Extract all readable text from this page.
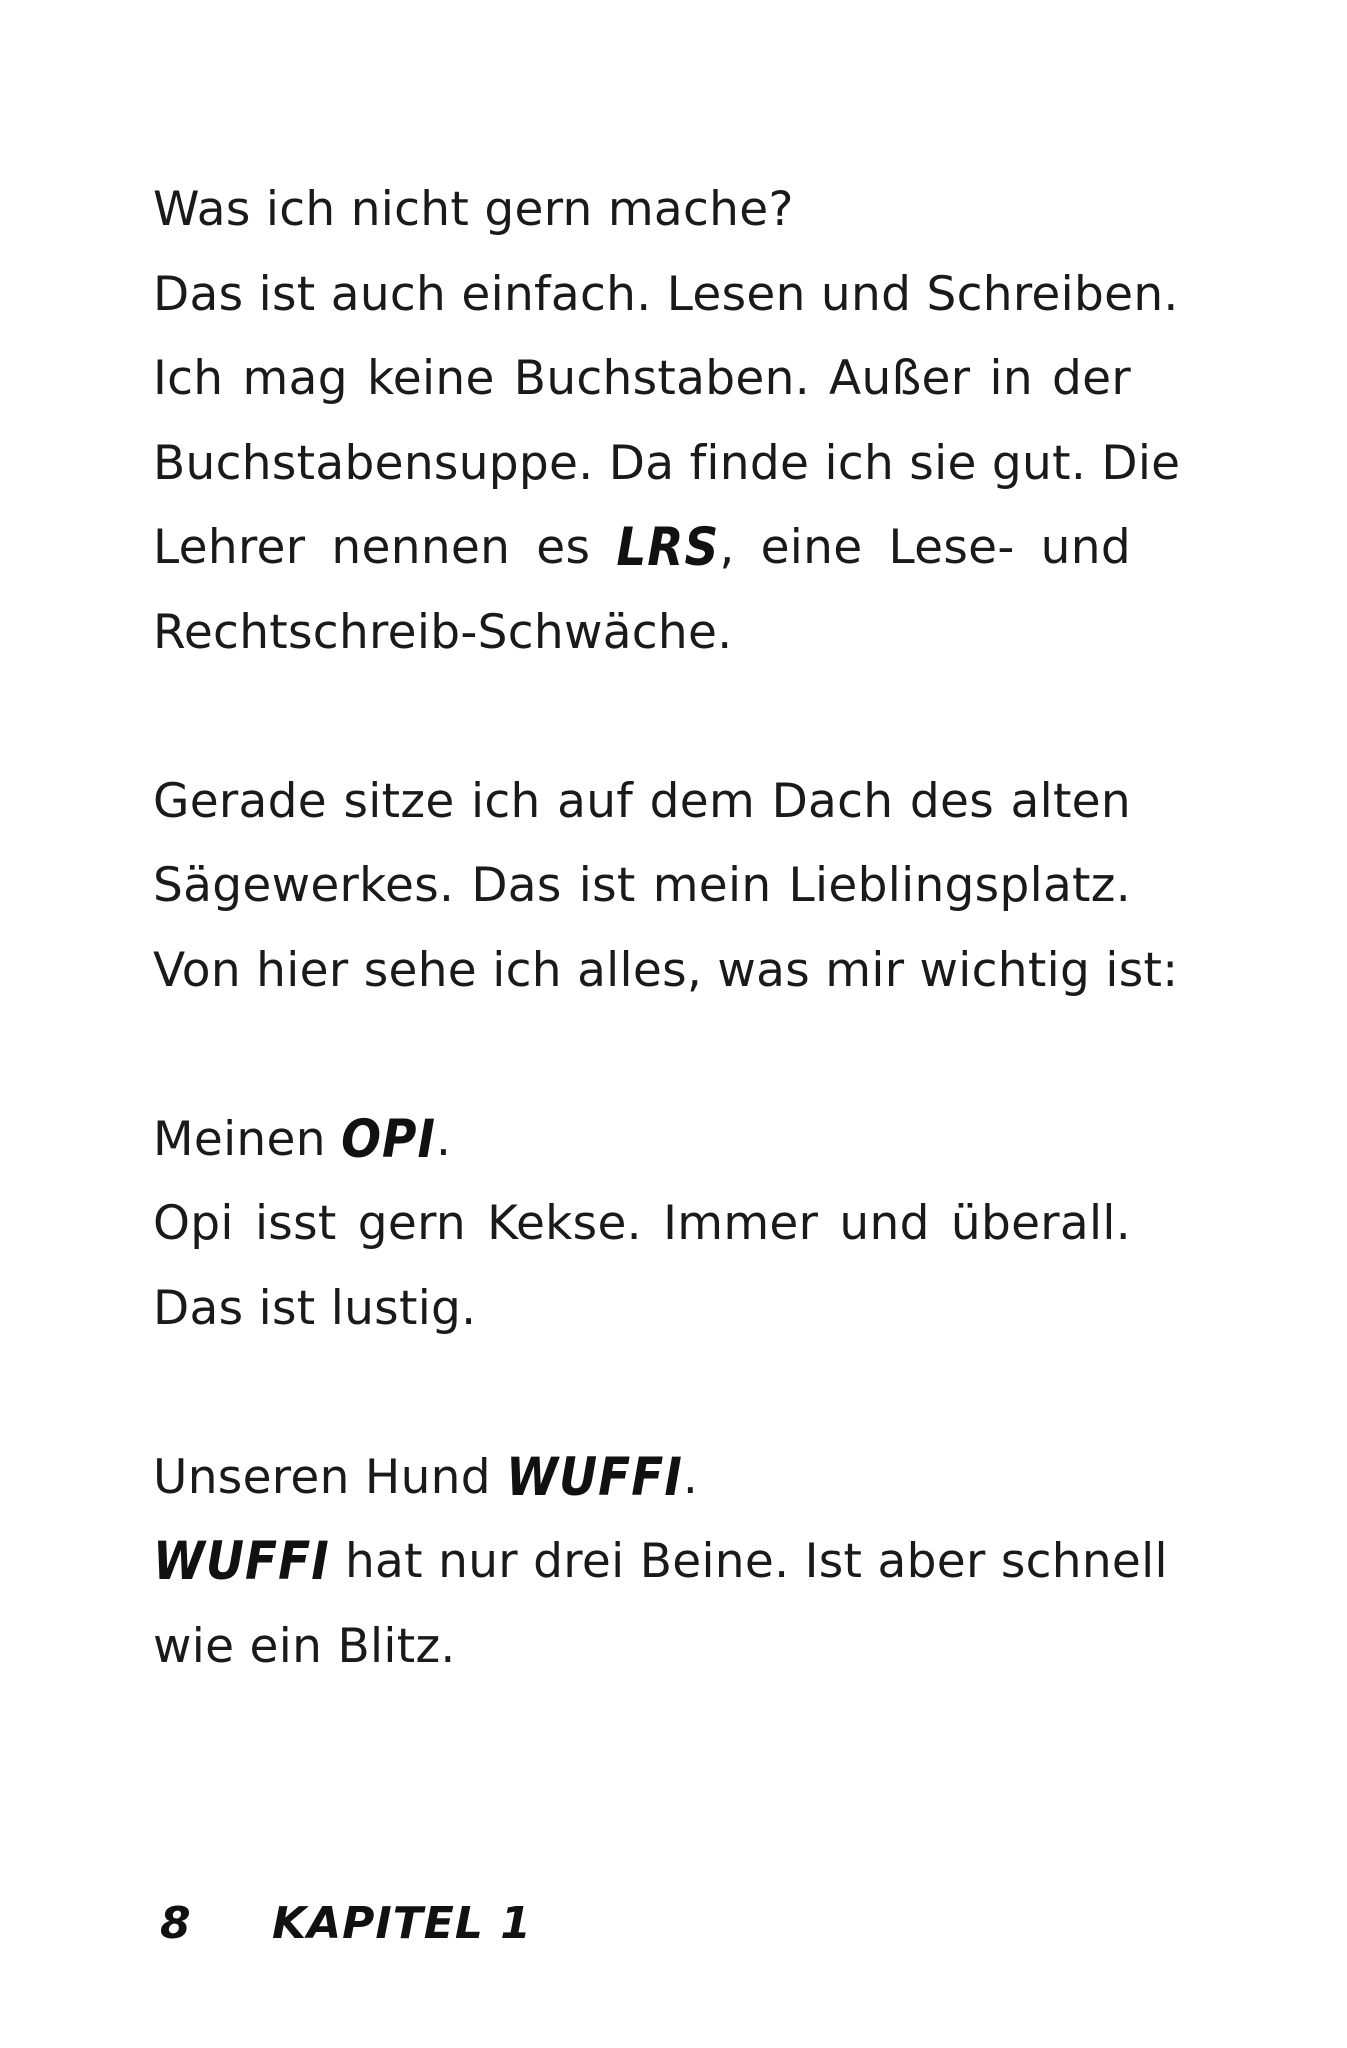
Was ich nicht gern mache?
Das ist auch einfach. Lesen und Schreiben.
Ich mag keine Buchstaben. Außer in der
Buchstabensuppe. Da finde ich sie gut. Die
Lehrer nennen es LRS, eine Lese- und
Rechtschreib-Schwäche.
Gerade sitze ich auf dem Dach des alten
Sägewerkes. Das ist mein Lieblingsplatz.
Von hier sehe ich alles, was mir wichtig ist:
Meinen OPI.
Opi isst gern Kekse. Immer und überall.
Das ist lustig.
Unseren Hund WUFFI.
WUFFI hat nur drei Beine. Ist aber schnell
wie ein Blitz.
8 KAPITEL 1
